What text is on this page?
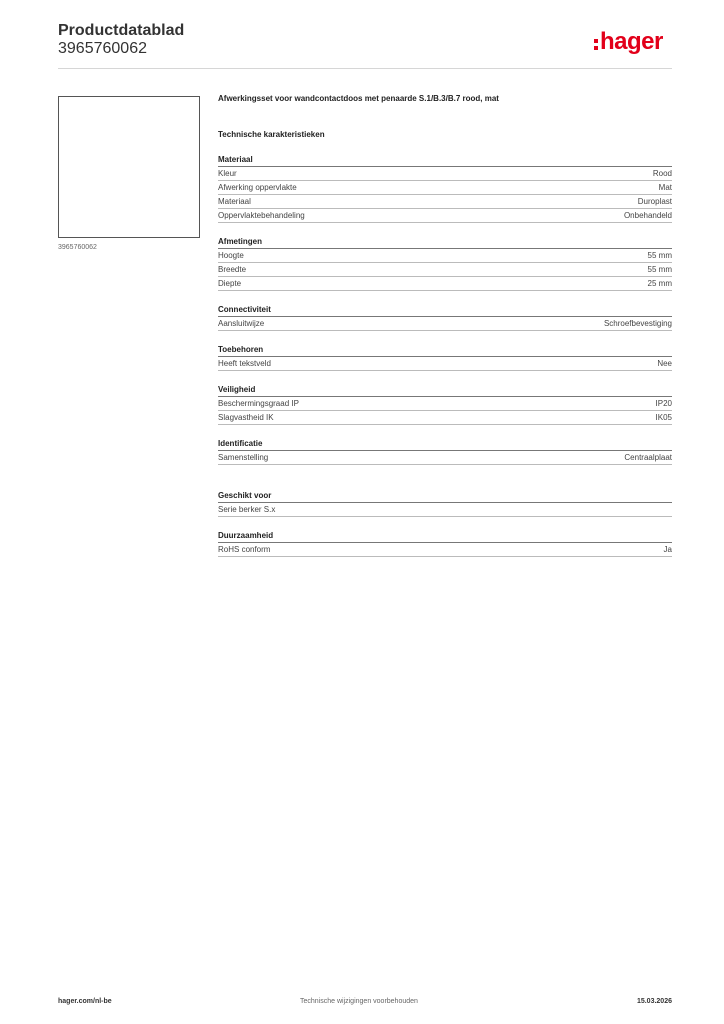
Productdatablad
3965760062	hager
3965760062

Afwerkingsset voor wandcontactdoos met penaarde S.1/B.3/B.7 rood, mat

Technische karakteristieken
Materiaal
Kleur	Rood
Afwerking oppervlakte	Mat
Materiaal	Duroplast
Oppervlaktebehandeling	Onbehandeld
Afmetingen
Hoogte	55 mm
Breedte	55 mm
Diepte	25 mm
Connectiviteit
Aansluitwijze	Schroefbevestiging
Toebehoren
Heeft tekstveld	Nee
Veiligheid
Beschermingsgraad IP	IP20
Slagvastheid IK	IK05
Identificatie
Samenstelling	Centraalplaat
Geschikt voor
Serie berker S.x
Duurzaamheid
RoHS conform	Ja
hager.com/nl-be	Technische wijzigingen voorbehouden	15.03.2026
